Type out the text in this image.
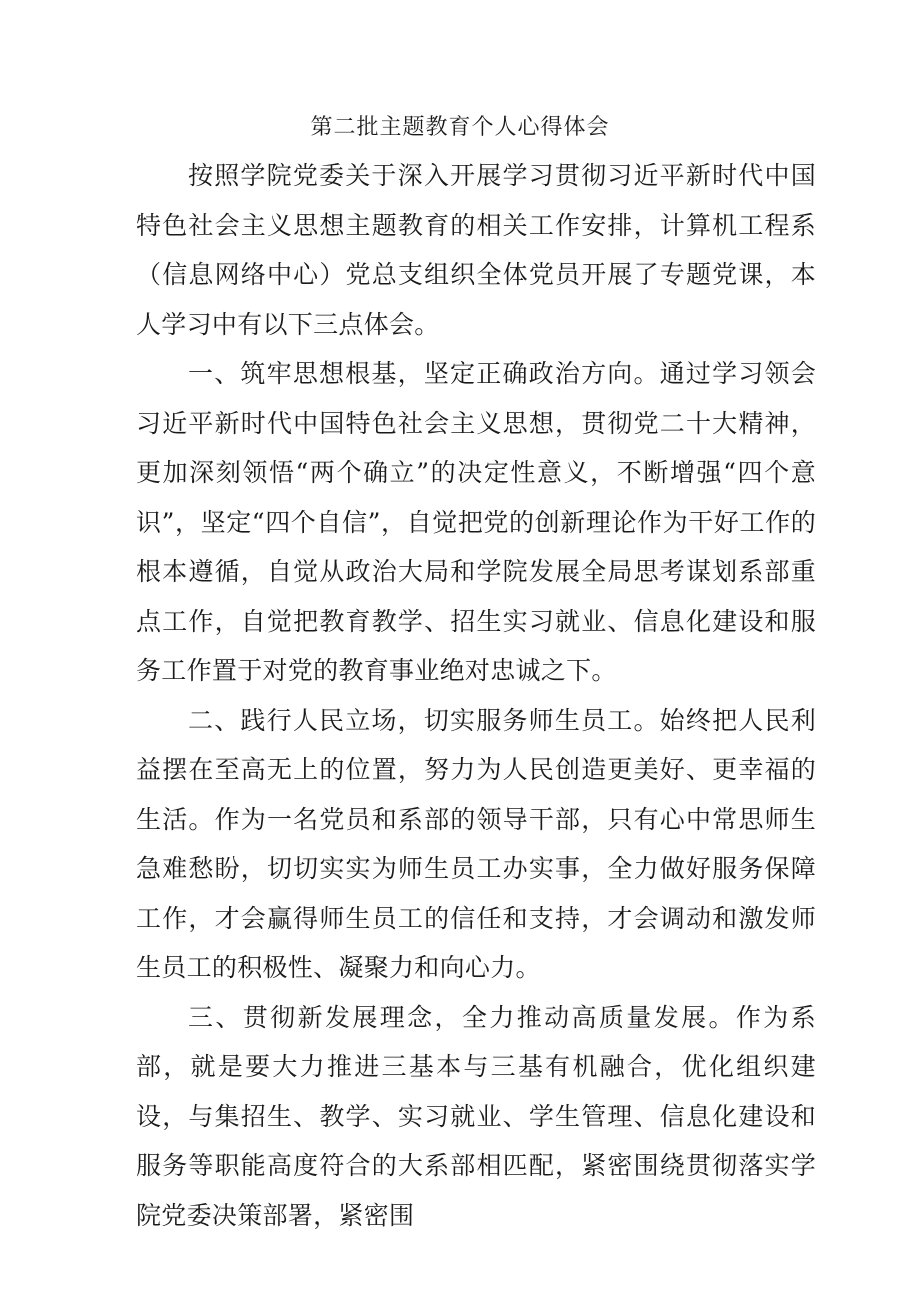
第二批主题教育个人心得体会

按照学院党委关于深入开展学习贯彻习近平新时代中国特色社会主义思想主题教育的相关工作安排，计算机工程系（信息网络中心）党总支组织全体党员开展了专题党课，本人学习中有以下三点体会。

一、筑牢思想根基，坚定正确政治方向。通过学习领会习近平新时代中国特色社会主义思想，贯彻党二十大精神，更加深刻领悟“两个确立”的决定性意义，不断增强“四个意识”，坚定“四个自信”，自觉把党的创新理论作为干好工作的根本遵循，自觉从政治大局和学院发展全局思考谋划系部重点工作，自觉把教育教学、招生实习就业、信息化建设和服务工作置于对党的教育事业绝对忠诚之下。

二、践行人民立场，切实服务师生员工。始终把人民利益摆在至高无上的位置，努力为人民创造更美好、更幸福的生活。作为一名党员和系部的领导干部，只有心中常思师生急难愁盼，切切实实为师生员工办实事，全力做好服务保障工作，才会赢得师生员工的信任和支持，才会调动和激发师生员工的积极性、凝聚力和向心力。

三、贯彻新发展理念，全力推动高质量发展。作为系部，就是要大力推进三基本与三基有机融合，优化组织建设，与集招生、教学、实习就业、学生管理、信息化建设和服务等职能高度符合的大系部相匹配，紧密围绕贯彻落实学院党委决策部署，紧密围
